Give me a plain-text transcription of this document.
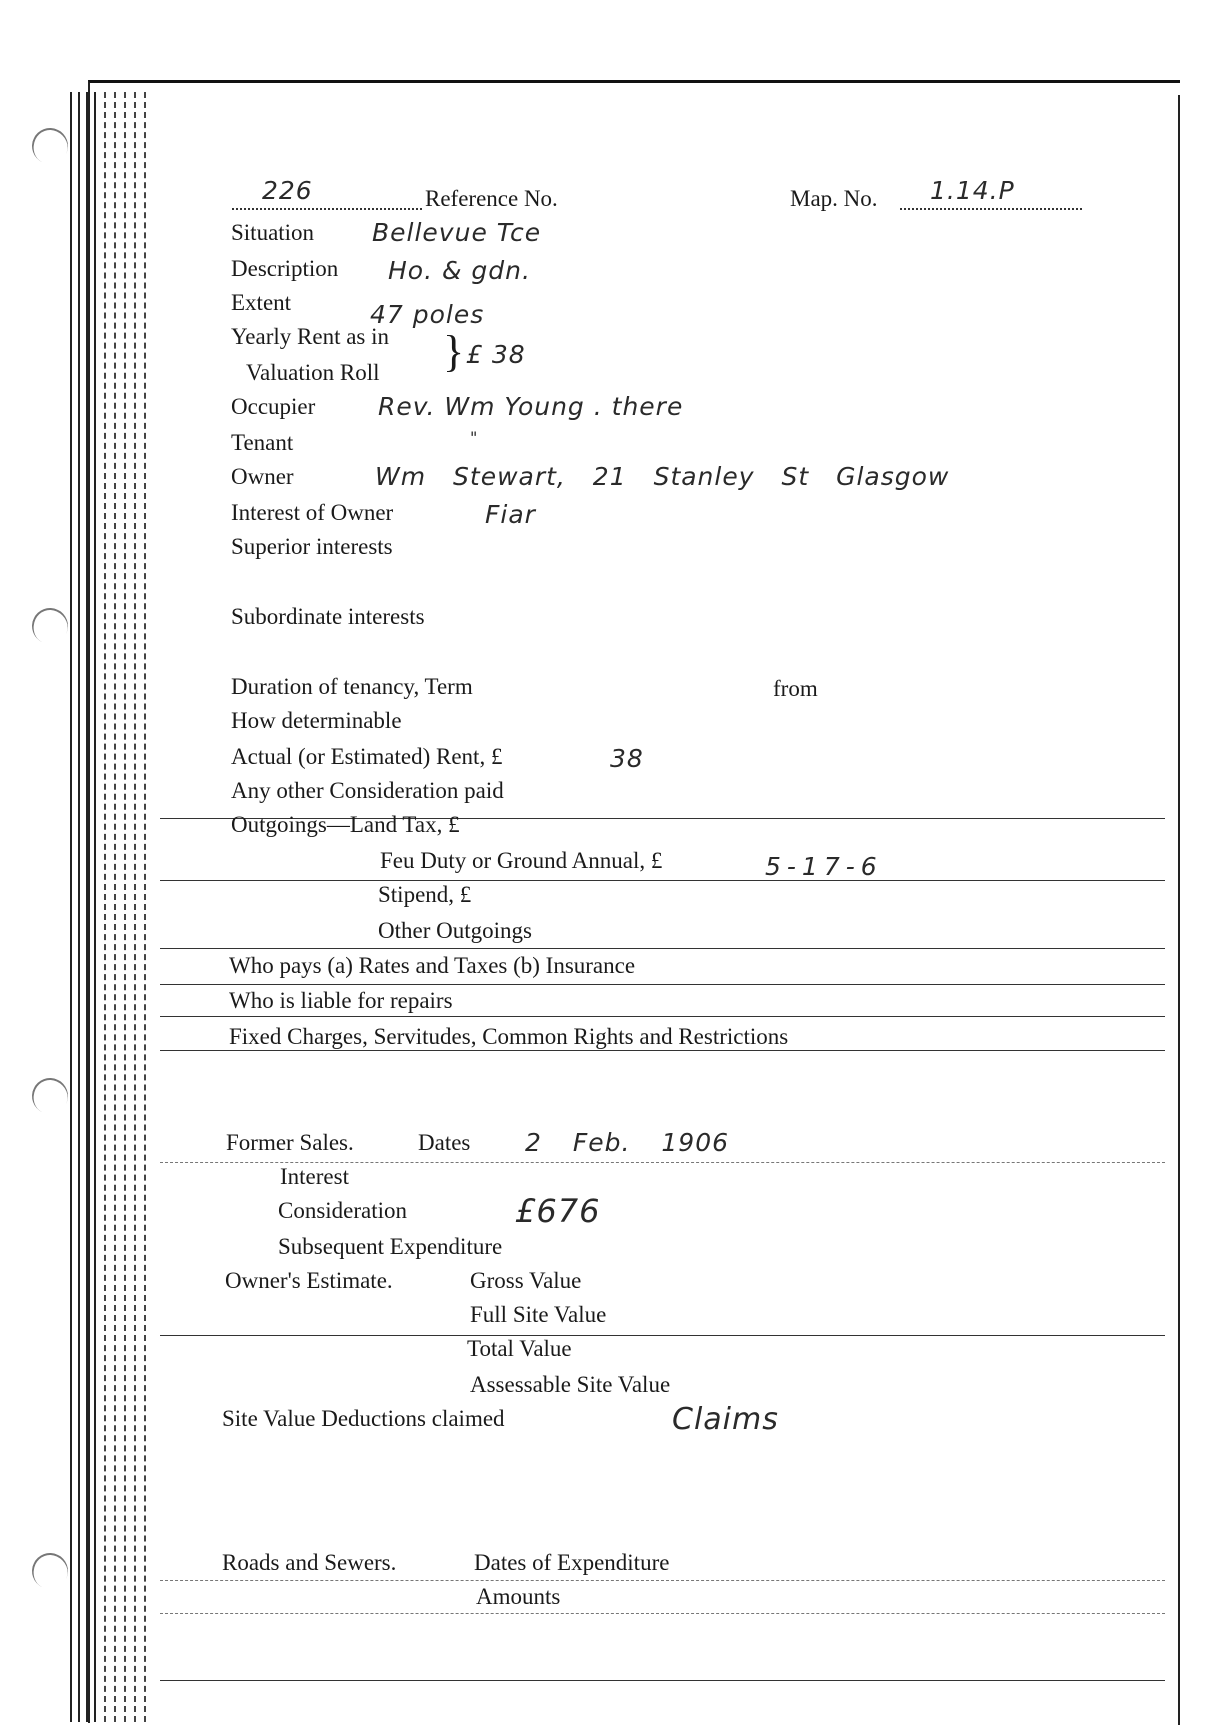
226	Reference No.	Map. No. 1.14.P
Situation Bellevue Tce
Description Ho. & gdn.
Extent	47 poles
Yearly Rent as in
Valuation Roll } £ 38
Occupier	Rev. Wm Young . there
Tenant	"
Owner	Wm Stewart, 21 Stanley St Glasgow
Interest of Owner	Fiar
Superior interests
Subordinate interests
Duration of tenancy, Term	from
How determinable
Actual (or Estimated) Rent, £	38
Any other Consideration paid
Outgoings—Land Tax, £
Feu Duty or Ground Annual, £	5-17-6
Stipend, £
Other Outgoings
Who pays (a) Rates and Taxes (b) Insurance
Who is liable for repairs
Fixed Charges, Servitudes, Common Rights and Restrictions
Former Sales.	Dates 2 Feb. 1906
Interest
Consideration	£676
Subsequent Expenditure
Owner's Estimate.	Gross Value
Full Site Value
Total Value
Assessable Site Value
Site Value Deductions claimed	Claims
Roads and Sewers.	Dates of Expenditure
Amounts
